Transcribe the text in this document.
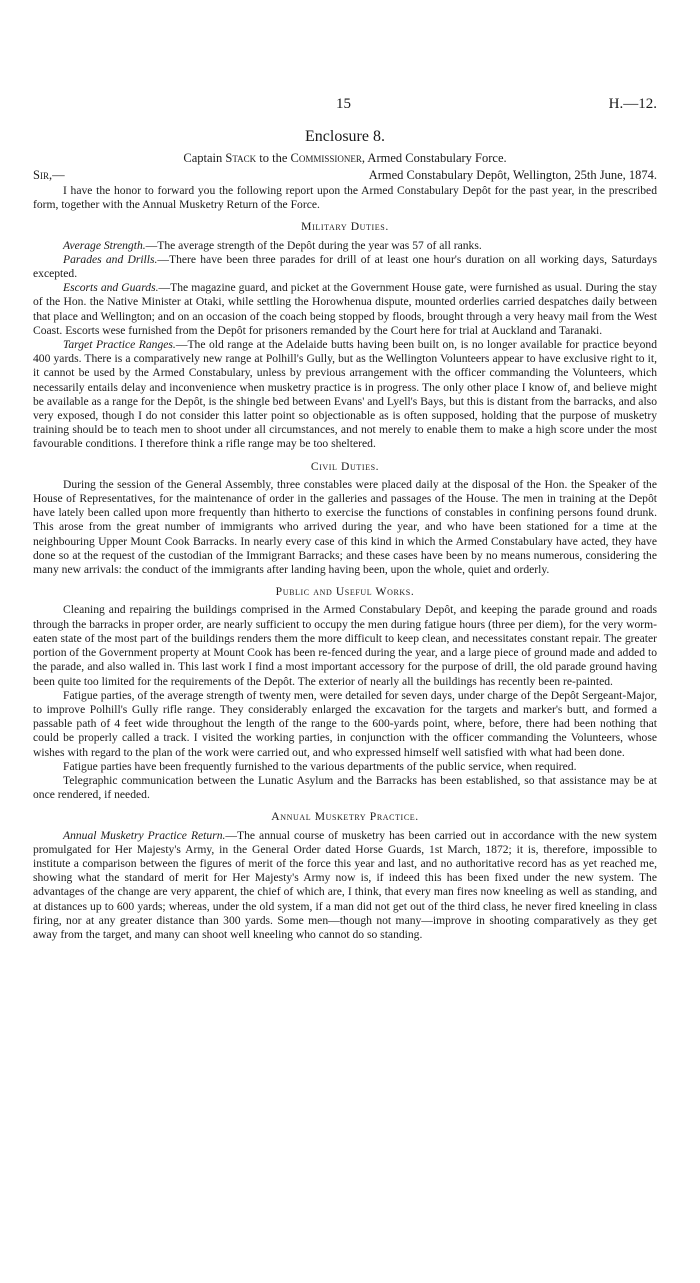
15	H.—12.
Enclosure 8.
Captain Stack to the Commissioner, Armed Constabulary Force.
Sir,—	Armed Constabulary Depôt, Wellington, 25th June, 1874.

I have the honor to forward you the following report upon the Armed Constabulary Depôt for the past year, in the prescribed form, together with the Annual Musketry Return of the Force.

Military Duties.

Average Strength.—The average strength of the Depôt during the year was 57 of all ranks.

Parades and Drills.—There have been three parades for drill of at least one hour's duration on all working days, Saturdays excepted.

Escorts and Guards.—The magazine guard, and picket at the Government House gate, were furnished as usual. During the stay of the Hon. the Native Minister at Otaki, while settling the Horowhenua dispute, mounted orderlies carried despatches daily between that place and Wellington; and on an occasion of the coach being stopped by floods, brought through a very heavy mail from the West Coast. Escorts wese furnished from the Depôt for prisoners remanded by the Court here for trial at Auckland and Taranaki.

Target Practice Ranges.—The old range at the Adelaide butts having been built on, is no longer available for practice beyond 400 yards. There is a comparatively new range at Polhill's Gully, but as the Wellington Volunteers appear to have exclusive right to it, it cannot be used by the Armed Constabulary, unless by previous arrangement with the officer commanding the Volunteers, which necessarily entails delay and inconvenience when musketry practice is in progress. The only other place I know of, and believe might be available as a range for the Depôt, is the shingle bed between Evans' and Lyell's Bays, but this is distant from the barracks, and also very exposed, though I do not consider this latter point so objectionable as is often supposed, holding that the purpose of musketry training should be to teach men to shoot under all circumstances, and not merely to enable them to make a high score under the most favourable conditions. I therefore think a rifle range may be too sheltered.

Civil Duties.

During the session of the General Assembly, three constables were placed daily at the disposal of the Hon. the Speaker of the House of Representatives, for the maintenance of order in the galleries and passages of the House. The men in training at the Depôt have lately been called upon more frequently than hitherto to exercise the functions of constables in confining persons found drunk. This arose from the great number of immigrants who arrived during the year, and who have been stationed for a time at the neighbouring Upper Mount Cook Barracks. In nearly every case of this kind in which the Armed Constabulary have acted, they have done so at the request of the custodian of the Immigrant Barracks; and these cases have been by no means numerous, considering the many new arrivals: the conduct of the immigrants after landing having been, upon the whole, quiet and orderly.

Public and Useful Works.

Cleaning and repairing the buildings comprised in the Armed Constabulary Depôt, and keeping the parade ground and roads through the barracks in proper order, are nearly sufficient to occupy the men during fatigue hours (three per diem), for the very worm-eaten state of the most part of the buildings renders them the more difficult to keep clean, and necessitates constant repair. The greater portion of the Government property at Mount Cook has been re-fenced during the year, and a large piece of ground made and added to the parade, and also walled in. This last work I find a most important accessory for the purpose of drill, the old parade ground having been quite too limited for the requirements of the Depôt. The exterior of nearly all the buildings has recently been re-painted.

Fatigue parties, of the average strength of twenty men, were detailed for seven days, under charge of the Depôt Sergeant-Major, to improve Polhill's Gully rifle range. They considerably enlarged the excavation for the targets and marker's butt, and formed a passable path of 4 feet wide throughout the length of the range to the 600-yards point, where, before, there had been nothing that could be properly called a track. I visited the working parties, in conjunction with the officer commanding the Volunteers, whose wishes with regard to the plan of the work were carried out, and who expressed himself well satisfied with what had been done.

Fatigue parties have been frequently furnished to the various departments of the public service, when required.

Telegraphic communication between the Lunatic Asylum and the Barracks has been established, so that assistance may be at once rendered, if needed.

Annual Musketry Practice.

Annual Musketry Practice Return.—The annual course of musketry has been carried out in accordance with the new system promulgated for Her Majesty's Army, in the General Order dated Horse Guards, 1st March, 1872; it is, therefore, impossible to institute a comparison between the figures of merit of the force this year and last, and no authoritative record has as yet reached me, showing what the standard of merit for Her Majesty's Army now is, if indeed this has been fixed under the new system. The advantages of the change are very apparent, the chief of which are, I think, that every man fires now kneeling as well as standing, and at distances up to 600 yards; whereas, under the old system, if a man did not get out of the third class, he never fired kneeling in class firing, nor at any greater distance than 300 yards. Some men—though not many—improve in shooting comparatively as they get away from the target, and many can shoot well kneeling who cannot do so standing.
